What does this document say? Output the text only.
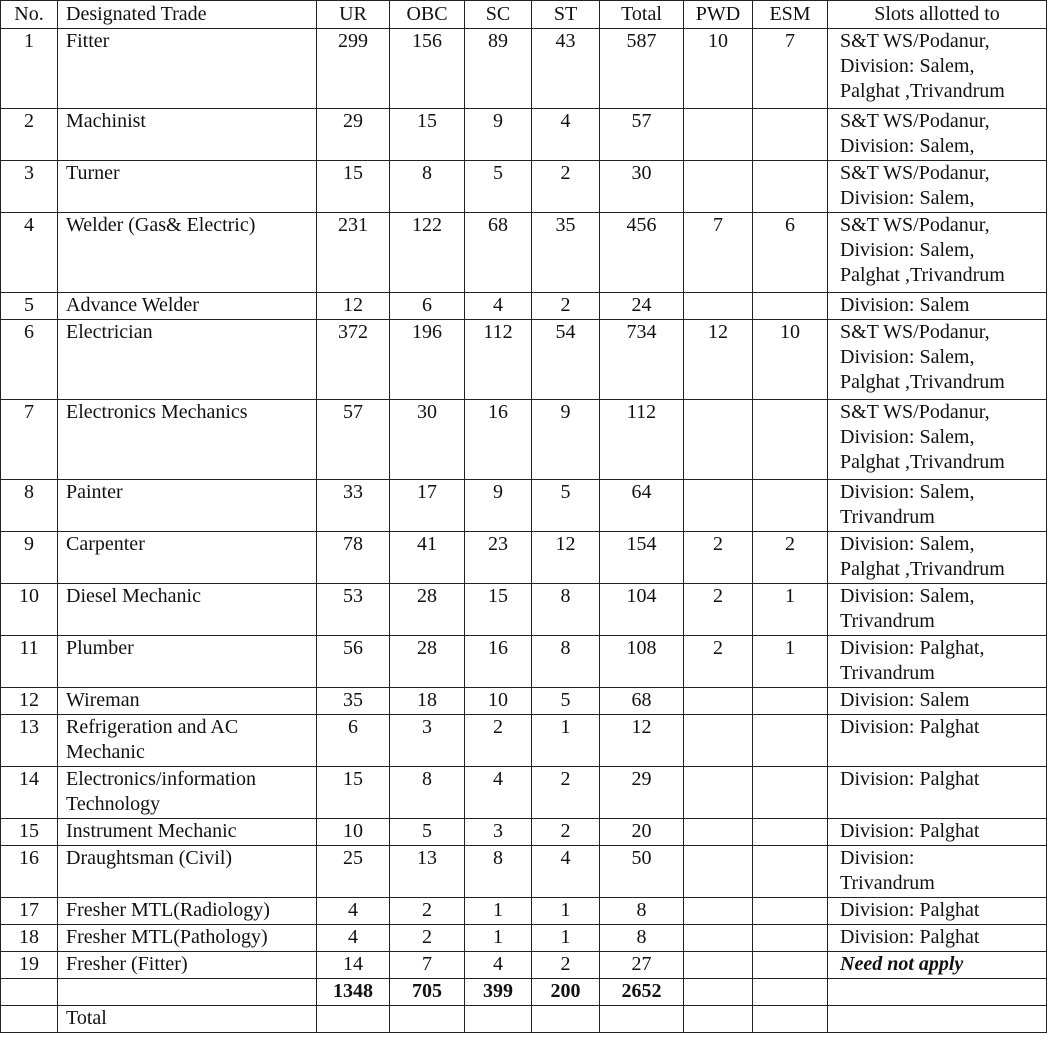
No.	Designated Trade	UR	OBC	SC	ST	Total	PWD	ESM	Slots allotted to
1	Fitter	299	156	89	43	587	10	7	S&T WS/Podanur,
Division: Salem,
Palghat ,Trivandrum

2	Machinist	29	15	9	4	57			S&T WS/Podanur,
Division: Salem,

3	Turner	15	8	5	2	30			S&T WS/Podanur,
Division: Salem,

4	Welder (Gas& Electric)	231	122	68	35	456	7	6	S&T WS/Podanur,
Division: Salem,
Palghat ,Trivandrum

5	Advance Welder	12	6	4	2	24			Division: Salem

6	Electrician	372	196	112	54	734	12	10	S&T WS/Podanur,
Division: Salem,
Palghat ,Trivandrum

7	Electronics Mechanics	57	30	16	9	112			S&T WS/Podanur,
Division: Salem,
Palghat ,Trivandrum

8	Painter	33	17	9	5	64			Division: Salem,
Trivandrum

9	Carpenter	78	41	23	12	154	2	2	Division: Salem,
Palghat ,Trivandrum

10	Diesel Mechanic	53	28	15	8	104	2	1	Division: Salem,
Trivandrum

11	Plumber	56	28	16	8	108	2	1	Division: Palghat,
Trivandrum

12	Wireman	35	18	10	5	68			Division: Salem

13	Refrigeration and AC Mechanic	6	3	2	1	12			Division: Palghat

14	Electronics/information Technology	15	8	4	2	29			Division: Palghat

15	Instrument Mechanic	10	5	3	2	20			Division: Palghat

16	Draughtsman (Civil)	25	13	8	4	50			Division:
Trivandrum

17	Fresher MTL(Radiology)	4	2	1	1	8			Division: Palghat

18	Fresher MTL(Pathology)	4	2	1	1	8			Division: Palghat

19	Fresher (Fitter)	14	7	4	2	27			Need not apply

		1348	705	399	200	2652			
	Total								
